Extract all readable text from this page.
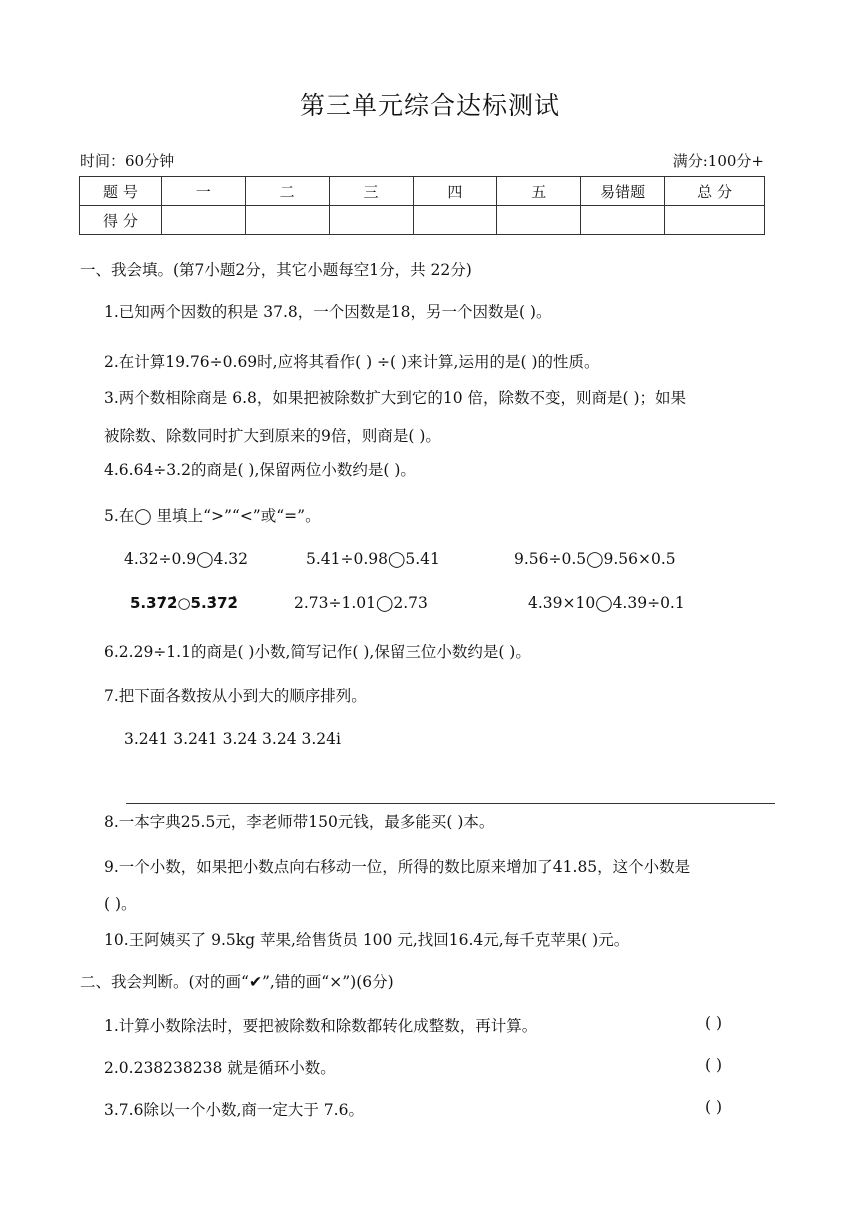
第三单元综合达标测试
时间：60分钟	满分:100分+
题 号	一	二	三	四	五	易错题	总 分
得 分							
一、我会填。(第7小题2分，其它小题每空1分，共 22分)
1.已知两个因数的积是 37.8，一个因数是18，另一个因数是( )。
2.在计算19.76÷0.69时,应将其看作( ) ÷( )来计算,运用的是( )的性质。
3.两个数相除商是 6.8，如果把被除数扩大到它的10 倍，除数不变，则商是( )；如果
被除数、除数同时扩大到原来的9倍，则商是( )。
4.6.64÷3.2的商是( ),保留两位小数约是( )。
5.在◯ 里填上“>”“<”或“=”。
4.32÷0.9◯4.32	5.41÷0.98◯5.41	9.56÷0.5◯9.56×0.5
5.37̇2̇○5.3̇72̇	2.73÷1.01◯2.73	4.39×10◯4.39÷0.1
6.2.29÷1.1的商是( )小数,简写记作( ),保留三位小数约是( )。
7.把下面各数按从小到大的顺序排列。
3.241 3.241 3.24 3.24 3.24i
8.一本字典25.5元，李老师带150元钱，最多能买( )本。
9.一个小数，如果把小数点向右移动一位，所得的数比原来增加了41.85，这个小数是
( )。
10.王阿姨买了 9.5kg 苹果,给售货员 100 元,找回16.4元,每千克苹果( )元。
二、我会判断。(对的画“✔”,错的画“×”)(6分)
1.计算小数除法时，要把被除数和除数都转化成整数，再计算。	( )
2.0.238238238 就是循环小数。	( )
3.7.6除以一个小数,商一定大于 7.6。	( )
